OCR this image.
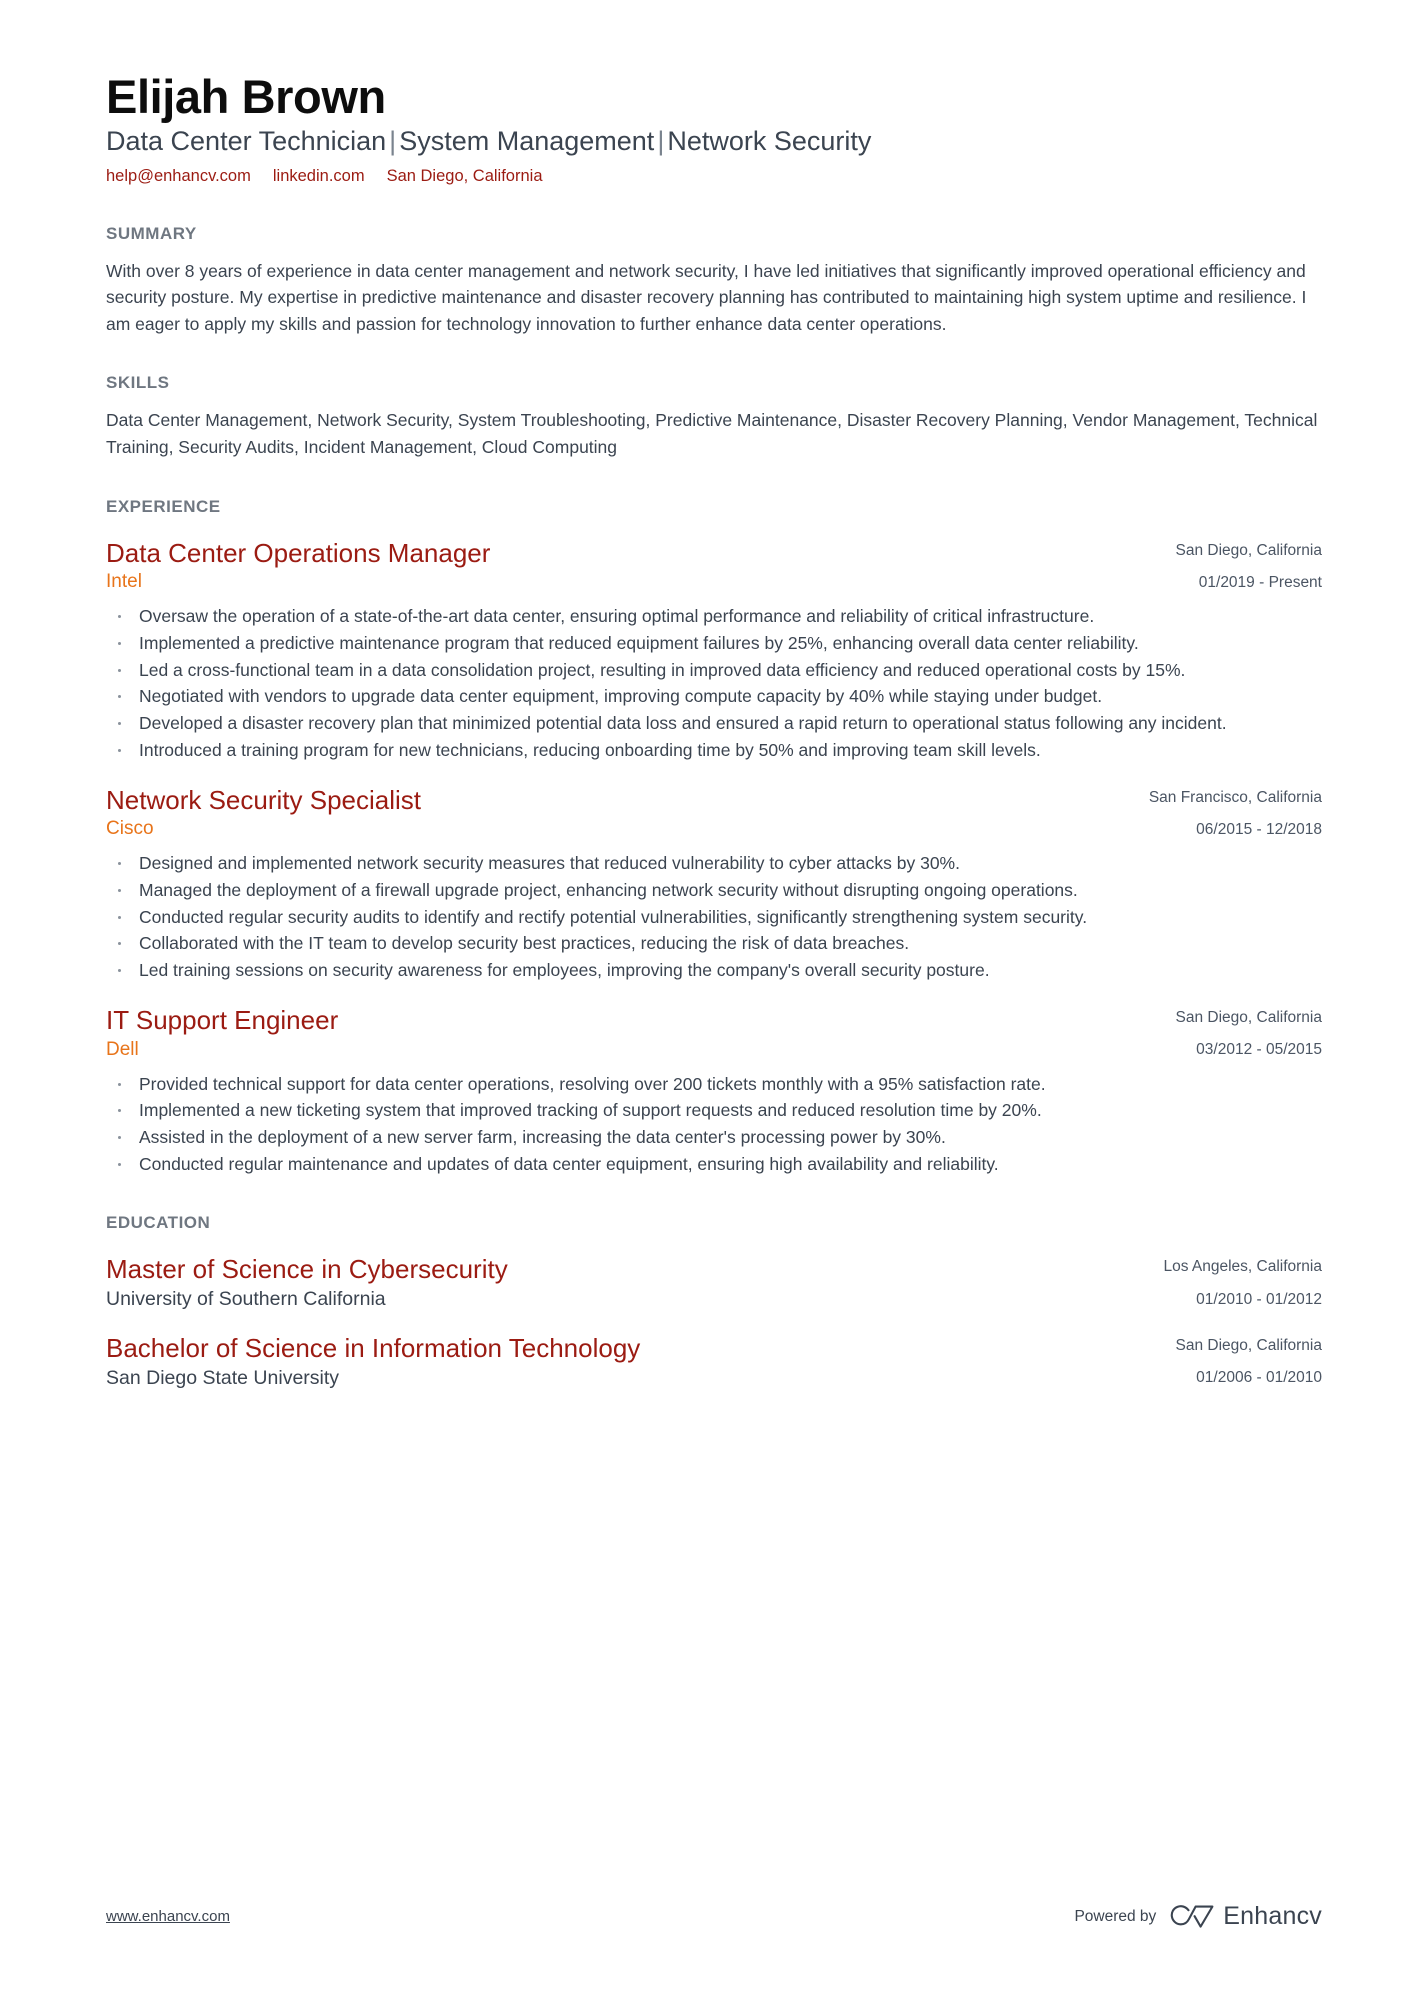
Elijah Brown
Data Center Technician | System Management | Network Security
help@enhancv.com linkedin.com San Diego, California
SUMMARY

With over 8 years of experience in data center management and network security, I have led initiatives that significantly improved operational efficiency and security posture. My expertise in predictive maintenance and disaster recovery planning has contributed to maintaining high system uptime and resilience. I am eager to apply my skills and passion for technology innovation to further enhance data center operations.

SKILLS

Data Center Management, Network Security, System Troubleshooting, Predictive Maintenance, Disaster Recovery Planning, Vendor Management, Technical Training, Security Audits, Incident Management, Cloud Computing

EXPERIENCE
Data Center Operations Manager
Intel
San Diego, California
01/2019 - Present
Oversaw the operation of a state-of-the-art data center, ensuring optimal performance and reliability of critical infrastructure.
Implemented a predictive maintenance program that reduced equipment failures by 25%, enhancing overall data center reliability.
Led a cross-functional team in a data consolidation project, resulting in improved data efficiency and reduced operational costs by 15%.
Negotiated with vendors to upgrade data center equipment, improving compute capacity by 40% while staying under budget.
Developed a disaster recovery plan that minimized potential data loss and ensured a rapid return to operational status following any incident.
Introduced a training program for new technicians, reducing onboarding time by 50% and improving team skill levels.
Network Security Specialist
Cisco
San Francisco, California
06/2015 - 12/2018
Designed and implemented network security measures that reduced vulnerability to cyber attacks by 30%.
Managed the deployment of a firewall upgrade project, enhancing network security without disrupting ongoing operations.
Conducted regular security audits to identify and rectify potential vulnerabilities, significantly strengthening system security.
Collaborated with the IT team to develop security best practices, reducing the risk of data breaches.
Led training sessions on security awareness for employees, improving the company's overall security posture.
IT Support Engineer
Dell
San Diego, California
03/2012 - 05/2015
Provided technical support for data center operations, resolving over 200 tickets monthly with a 95% satisfaction rate.
Implemented a new ticketing system that improved tracking of support requests and reduced resolution time by 20%.
Assisted in the deployment of a new server farm, increasing the data center's processing power by 30%.
Conducted regular maintenance and updates of data center equipment, ensuring high availability and reliability.
EDUCATION
Master of Science in Cybersecurity
University of Southern California
Los Angeles, California
01/2010 - 01/2012
Bachelor of Science in Information Technology
San Diego State University
San Diego, California
01/2006 - 01/2010
www.enhancv.com	Powered by	Enhancv
